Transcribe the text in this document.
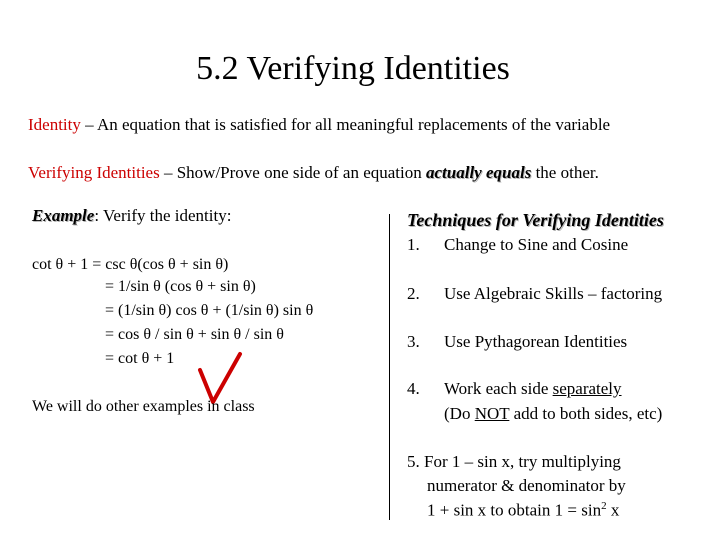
5.2 Verifying Identities
Identity – An equation that is satisfied for all meaningful replacements of the variable
Verifying Identities – Show/Prove one side of an equation actually equals the other.
Example: Verify the identity:
cot θ + 1 = csc θ(cos θ + sin θ)
= 1/sin θ (cos θ + sin θ)
= (1/sin θ) cos θ + (1/sin θ) sin θ
= cos θ / sin θ + sin θ / sin θ
= cot θ + 1
We will do other examples in class
Techniques for Verifying Identities
1. Change to Sine and Cosine
2. Use Algebraic Skills – factoring
3. Use Pythagorean Identities
4. Work each side separately
(Do NOT add to both sides, etc)
5. For 1 – sin x, try multiplying
numerator & denominator by
1 + sin x to obtain $1 = \sin^2 x$
